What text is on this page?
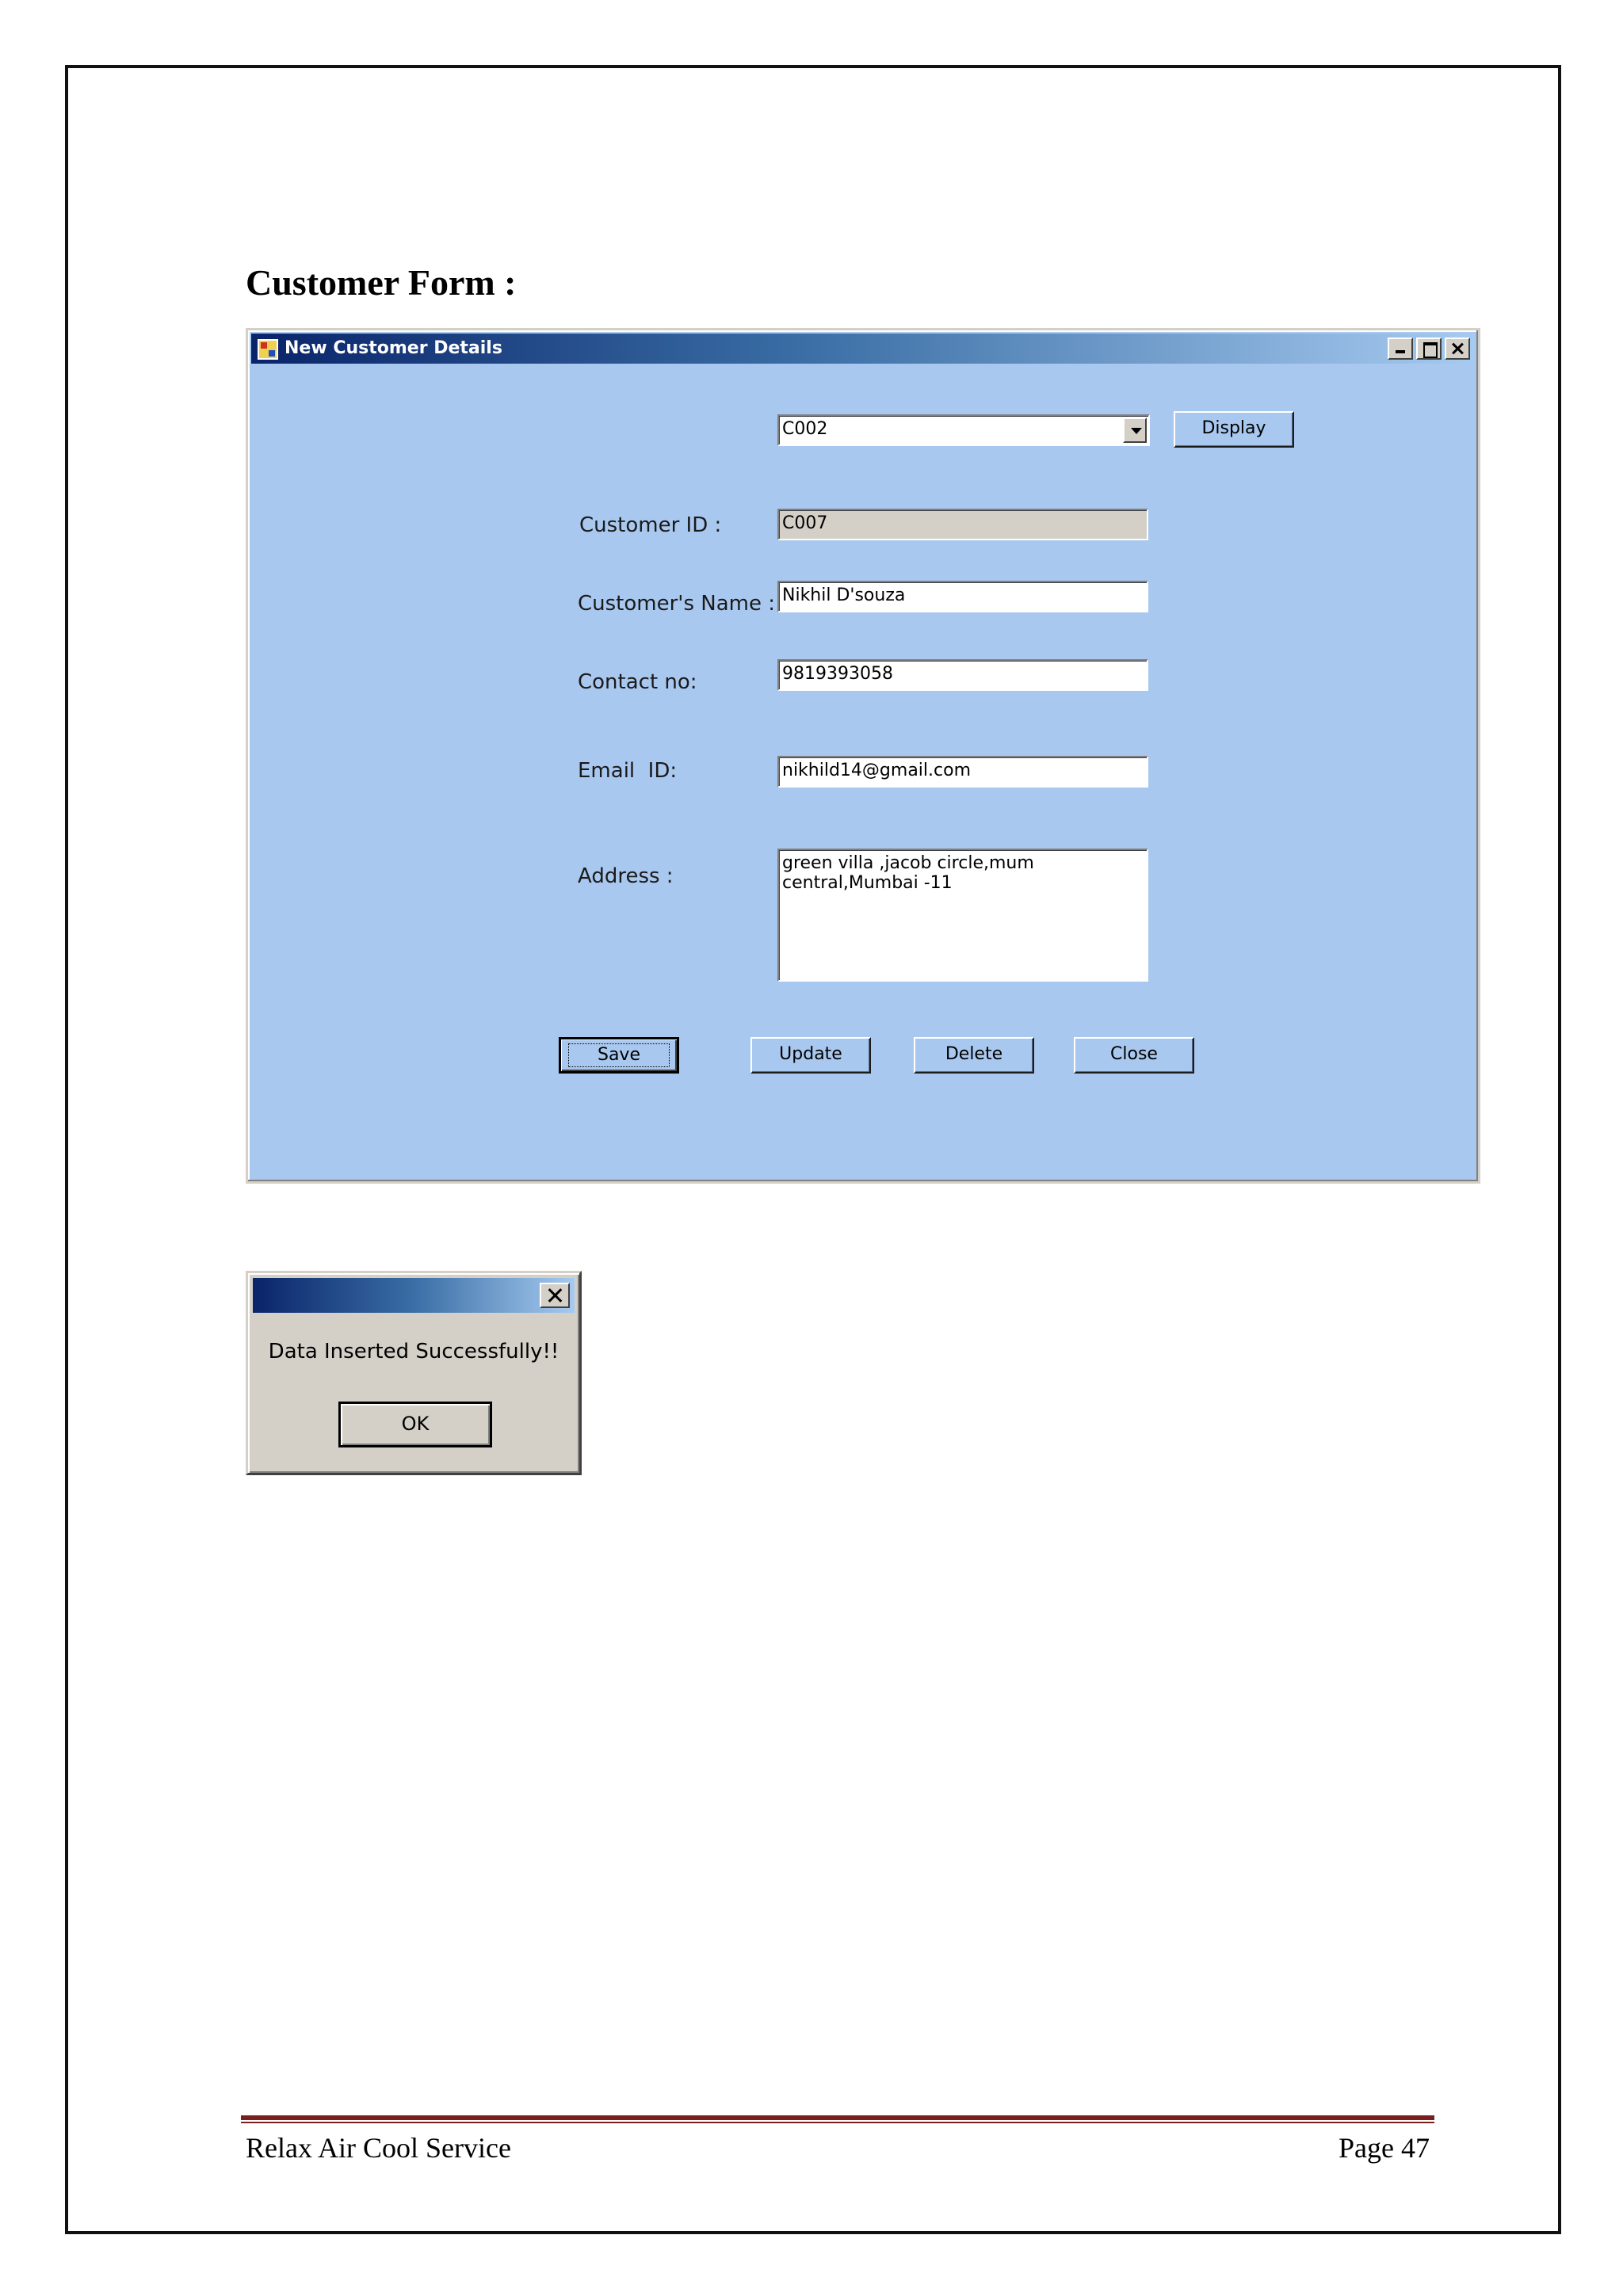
Customer Form :
New Customer Details
C002	Display
Customer ID :	C007
Customer's Name : Nikhil D'souza
Contact no:	9819393058
Email  ID:	nikhild14@gmail.com
Address :
green villa ,jacob circle,mum central,Mumbai -11
Save	Update	Delete	Close
Data Inserted Successfully!!
OK
Relax Air Cool Service	Page 47
